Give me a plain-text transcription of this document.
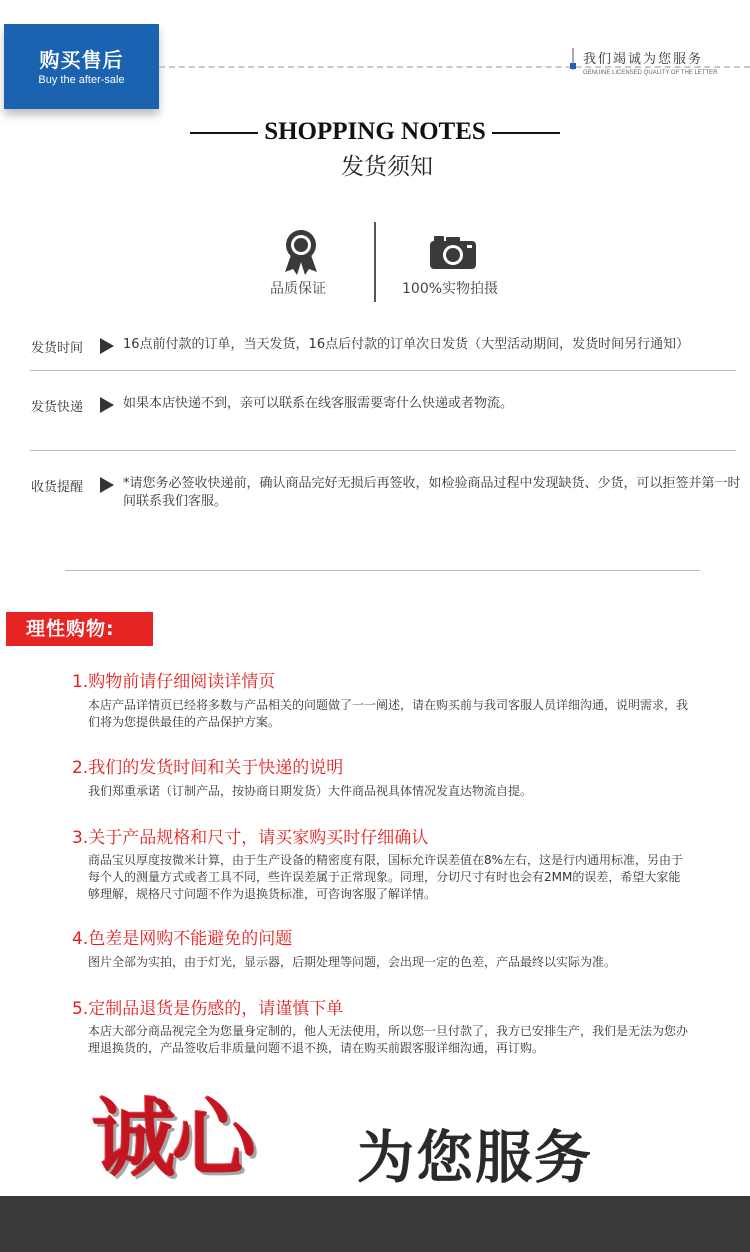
购买售后
Buy the after-sale
我们竭诚为您服务
GENUINE LICENSED QUALITY OF THE LETTER
SHOPPING NOTES
发货须知
品质保证	100%实物拍摄
发货时间	16点前付款的订单，当天发货，16点后付款的订单次日发货（大型活动期间，发货时间另行通知）
发货快递	如果本店快递不到，亲可以联系在线客服需要寄什么快递或者物流。
收货提醒	*请您务必签收快递前，确认商品完好无损后再签收，如检验商品过程中发现缺货、少货，可以拒签并第一时间联系我们客服。
理性购物:
1.购物前请仔细阅读详情页
本店产品详情页已经将多数与产品相关的问题做了一一阐述，请在购买前与我司客服人员详细沟通，说明需求，我们将为您提供最佳的产品保护方案。
2.我们的发货时间和关于快递的说明
我们郑重承诺（订制产品，按协商日期发货）大件商品视具体情况发直达物流自提。
3.关于产品规格和尺寸，请买家购买时仔细确认
商品宝贝厚度按微米计算，由于生产设备的精密度有限，国标允许误差值在8%左右，这是行内通用标准，另由于每个人的测量方式或者工具不同，些许误差属于正常现象。同理，分切尺寸有时也会有2MM的误差，希望大家能够理解，规格尺寸问题不作为退换货标准，可咨询客服了解详情。
4.色差是网购不能避免的问题
图片全部为实拍，由于灯光，显示器，后期处理等问题，会出现一定的色差，产品最终以实际为准。
5.定制品退货是伤感的，请谨慎下单
本店大部分商品视完全为您量身定制的，他人无法使用，所以您一旦付款了，我方已安排生产，我们是无法为您办理退换货的，产品签收后非质量问题不退不换，请在购买前跟客服详细沟通，再订购。
诚心 为您服务
